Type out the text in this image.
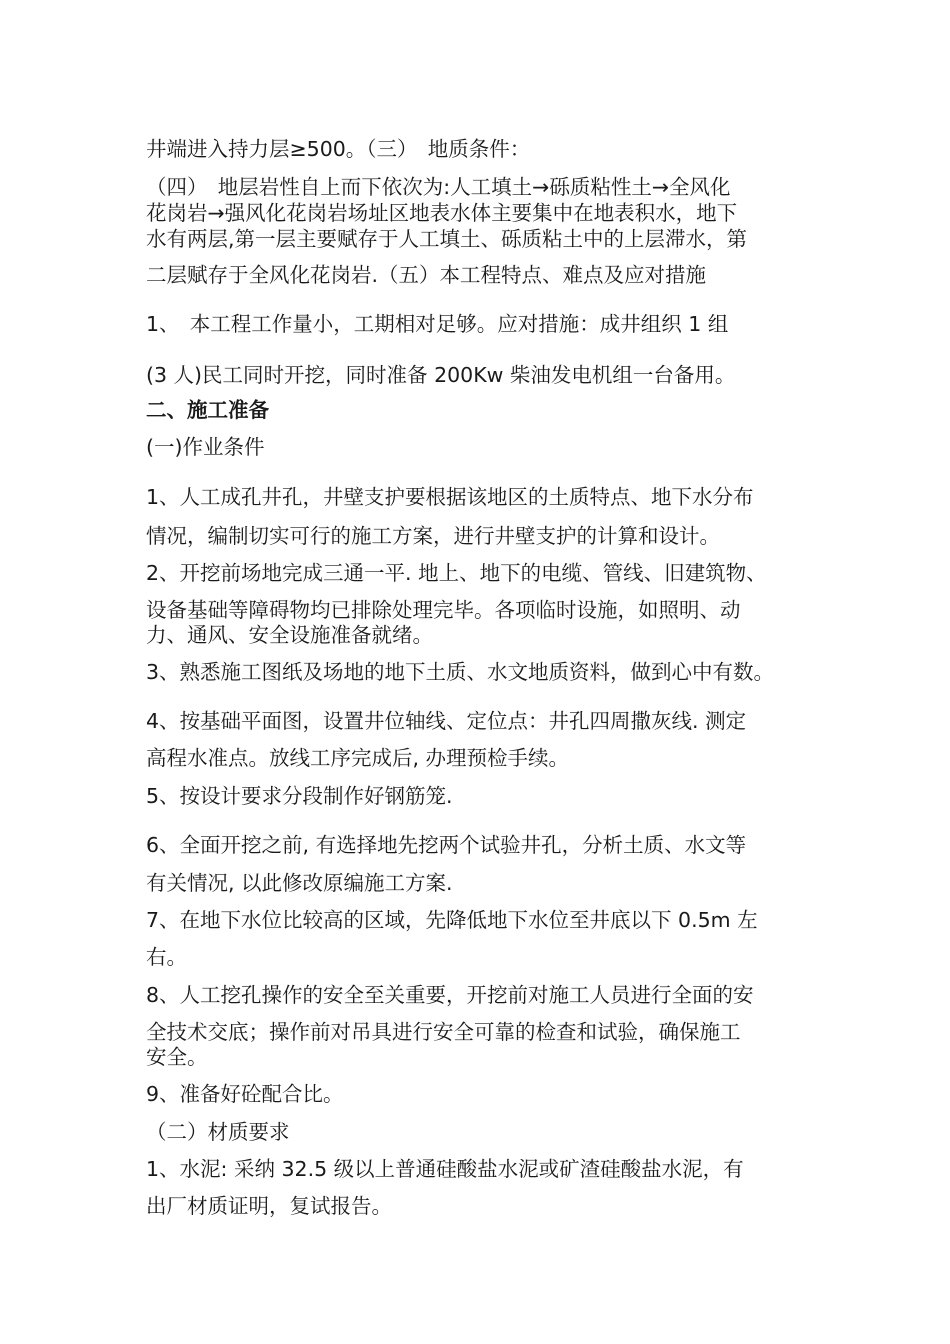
井端进入持力层≥500。（三）　地质条件：
（四）　地层岩性自上而下依次为:人工填土→砾质粘性土→全风化
花岗岩→强风化花岗岩场址区地表水体主要集中在地表积水，地下
水有两层,第一层主要赋存于人工填土、砾质粘土中的上层滞水，第
二层赋存于全风化花岗岩.（五）本工程特点、难点及应对措施
1、　本工程工作量小，工期相对足够。应对措施：成井组织 1 组
(3 人)民工同时开挖，同时准备 200Kw 柴油发电机组一台备用。
二、施工准备
(一)作业条件
1、人工成孔井孔，井壁支护要根据该地区的土质特点、地下水分布
情况，编制切实可行的施工方案，进行井壁支护的计算和设计。
2、开挖前场地完成三通一平. 地上、地下的电缆、管线、旧建筑物、
设备基础等障碍物均已排除处理完毕。各项临时设施，如照明、动
力、通风、安全设施准备就绪。
3、熟悉施工图纸及场地的地下土质、水文地质资料，做到心中有数。
4、按基础平面图，设置井位轴线、定位点：井孔四周撒灰线. 测定
高程水准点。放线工序完成后, 办理预检手续。
5、按设计要求分段制作好钢筋笼.
6、全面开挖之前, 有选择地先挖两个试验井孔，分析土质、水文等
有关情况, 以此修改原编施工方案.
7、在地下水位比较高的区域，先降低地下水位至井底以下 0.5m 左
右。
8、人工挖孔操作的安全至关重要，开挖前对施工人员进行全面的安
全技术交底；操作前对吊具进行安全可靠的检查和试验，确保施工
安全。
9、准备好砼配合比。
（二）材质要求
1、水泥: 采纳 32.5 级以上普通硅酸盐水泥或矿渣硅酸盐水泥，有
出厂材质证明，复试报告。
